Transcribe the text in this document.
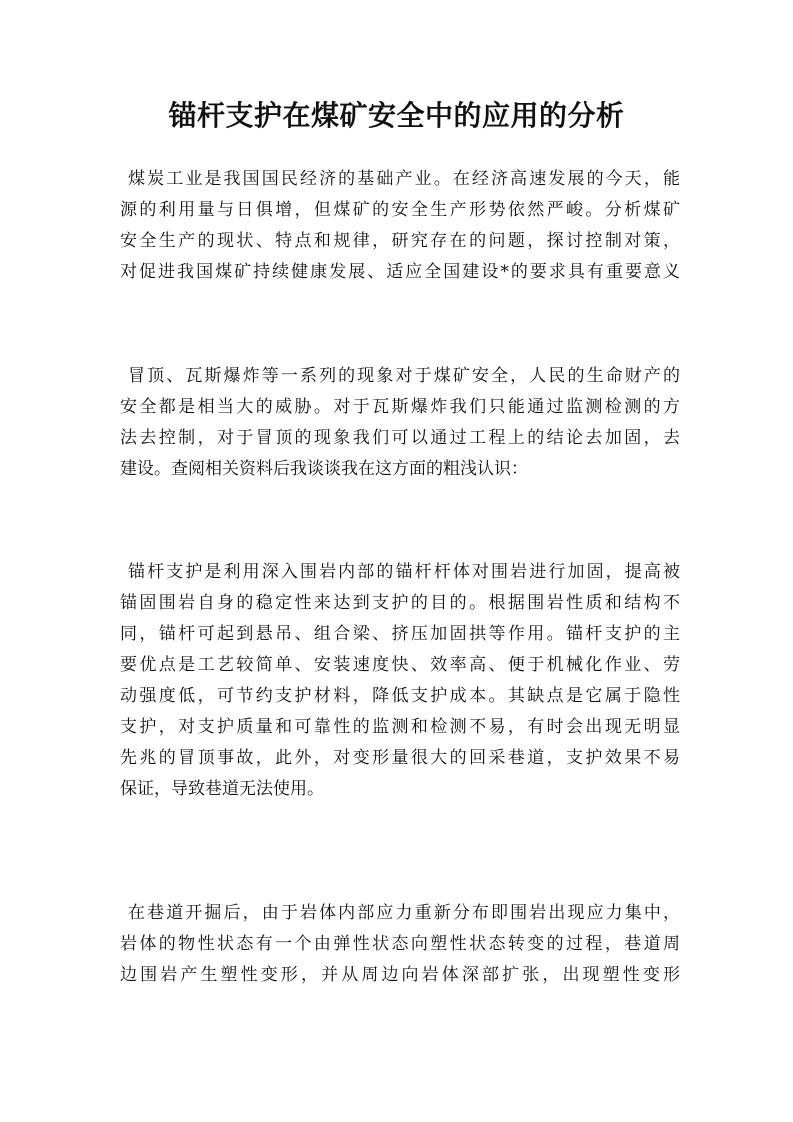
锚杆支护在煤矿安全中的应用的分析
煤炭工业是我国国民经济的基础产业。在经济高速发展的今天，能
源的利用量与日俱增，但煤矿的安全生产形势依然严峻。分析煤矿
安全生产的现状、特点和规律，研究存在的问题，探讨控制对策，
对促进我国煤矿持续健康发展、适应全国建设*的要求具有重要意义
冒顶、瓦斯爆炸等一系列的现象对于煤矿安全，人民的生命财产的
安全都是相当大的威胁。对于瓦斯爆炸我们只能通过监测检测的方
法去控制，对于冒顶的现象我们可以通过工程上的结论去加固，去
建设。查阅相关资料后我谈谈我在这方面的粗浅认识：
锚杆支护是利用深入围岩内部的锚杆杆体对围岩进行加固，提高被
锚固围岩自身的稳定性来达到支护的目的。根据围岩性质和结构不
同，锚杆可起到悬吊、组合梁、挤压加固拱等作用。锚杆支护的主
要优点是工艺较简单、安装速度快、效率高、便于机械化作业、劳
动强度低，可节约支护材料，降低支护成本。其缺点是它属于隐性
支护，对支护质量和可靠性的监测和检测不易，有时会出现无明显
先兆的冒顶事故，此外，对变形量很大的回采巷道，支护效果不易
保证，导致巷道无法使用。
在巷道开掘后，由于岩体内部应力重新分布即围岩出现应力集中，
岩体的物性状态有一个由弹性状态向塑性状态转变的过程，巷道周
边围岩产生塑性变形，并从周边向岩体深部扩张，出现塑性变形
